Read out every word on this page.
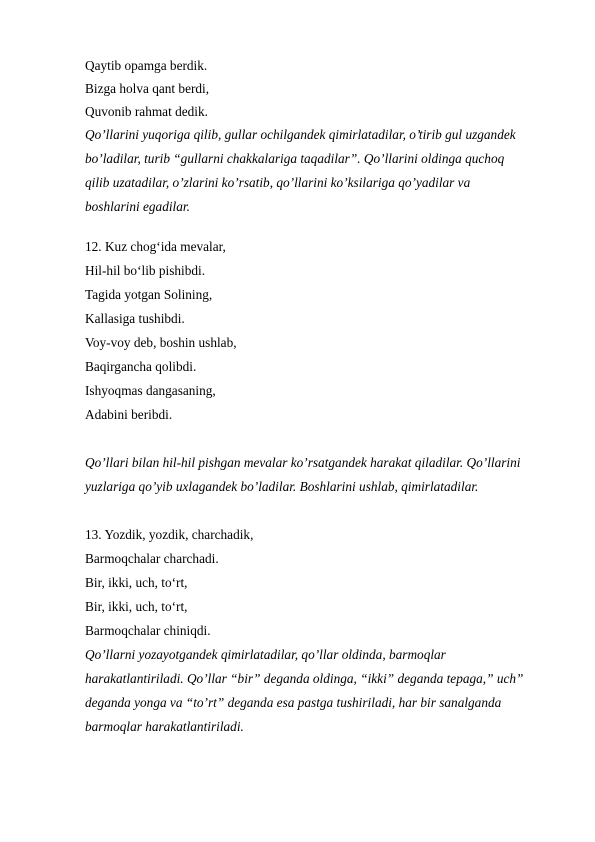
Qaytib opamga berdik.
Bizga holva qant berdi,
Quvonib rahmat dedik.
Qo’llarini yuqoriga qilib, gullar ochilgandek qimirlatadilar, o’tirib gul uzgandek
bo’ladilar, turib “gullarni chakkalariga taqadilar”. Qo’llarini oldinga quchoq
qilib uzatadilar, o’zlarini ko’rsatib, qo’llarini ko’ksilariga qo’yadilar va
boshlarini egadilar.
12. Kuz chog‘ida mevalar,
Hil-hil bo‘lib pishibdi.
Tagida yotgan Solining,
Kallasiga tushibdi.
Voy-voy deb, boshin ushlab,
Baqirgancha qolibdi.
Ishyoqmas dangasaning,
Adabini beribdi.
Qo’llari bilan hil-hil pishgan mevalar ko’rsatgandek harakat qiladilar. Qo’llarini
yuzlariga qo’yib uxlagandek bo’ladilar. Boshlarini ushlab, qimirlatadilar.
13. Yozdik, yozdik, charchadik,
Barmoqchalar charchadi.
Bir, ikki, uch, to‘rt,
Bir, ikki, uch, to‘rt,
Barmoqchalar chiniqdi.
Qo’llarni yozayotgandek qimirlatadilar, qo’llar oldinda, barmoqlar
harakatlantiriladi. Qo’llar “bir” deganda oldinga, “ikki” deganda tepaga,” uch”
deganda yonga va “to’rt” deganda esa pastga tushiriladi, har bir sanalganda
barmoqlar harakatlantiriladi.
